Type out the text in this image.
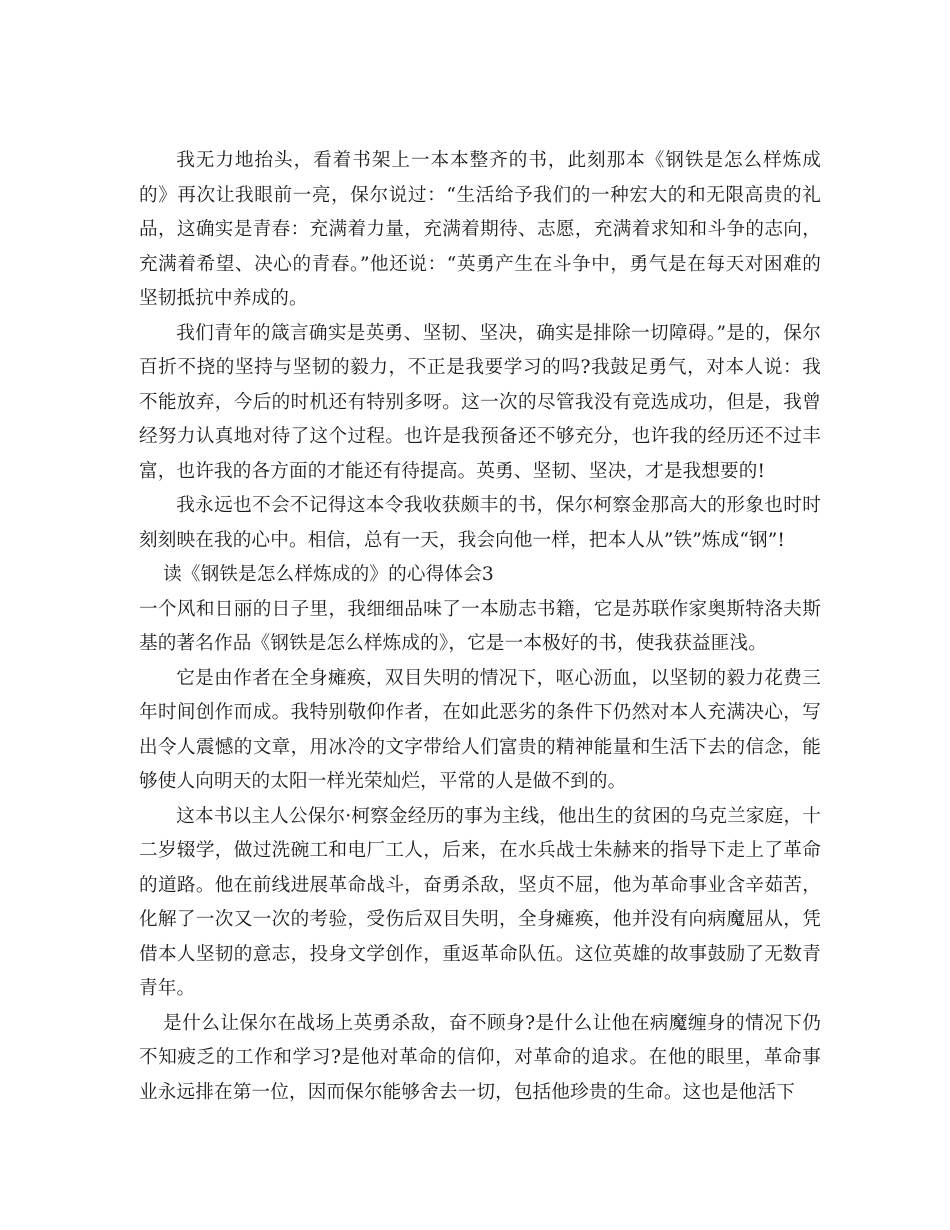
我无力地抬头，看着书架上一本本整齐的书，此刻那本《钢铁是怎么样炼成的》再次让我眼前一亮，保尔说过：“生活给予我们的一种宏大的和无限高贵的礼品，这确实是青春：充满着力量，充满着期待、志愿，充满着求知和斗争的志向，充满着希望、决心的青春。”他还说：“英勇产生在斗争中，勇气是在每天对困难的坚韧抵抗中养成的。

我们青年的箴言确实是英勇、坚韧、坚决，确实是排除一切障碍。”是的，保尔百折不挠的坚持与坚韧的毅力，不正是我要学习的吗?我鼓足勇气，对本人说：我不能放弃，今后的时机还有特别多呀。这一次的尽管我没有竞选成功，但是，我曾经努力认真地对待了这个过程。也许是我预备还不够充分，也许我的经历还不过丰富，也许我的各方面的才能还有待提高。英勇、坚韧、坚决，才是我想要的!

我永远也不会不记得这本令我收获颇丰的书，保尔柯察金那高大的形象也时时刻刻映在我的心中。相信，总有一天，我会向他一样，把本人从”铁”炼成“钢”!

读《钢铁是怎么样炼成的》的心得体会3

一个风和日丽的日子里，我细细品味了一本励志书籍，它是苏联作家奥斯特洛夫斯基的著名作品《钢铁是怎么样炼成的》，它是一本极好的书，使我获益匪浅。

它是由作者在全身瘫痪，双目失明的情况下，呕心沥血，以坚韧的毅力花费三年时间创作而成。我特别敬仰作者，在如此恶劣的条件下仍然对本人充满决心，写出令人震憾的文章，用冰冷的文字带给人们富贵的精神能量和生活下去的信念，能够使人向明天的太阳一样光荣灿烂，平常的人是做不到的。

这本书以主人公保尔·柯察金经历的事为主线，他出生的贫困的乌克兰家庭，十二岁辍学，做过洗碗工和电厂工人，后来，在水兵战士朱赫来的指导下走上了革命的道路。他在前线进展革命战斗，奋勇杀敌，坚贞不屈，他为革命事业含辛茹苦，化解了一次又一次的考验，受伤后双目失明，全身瘫痪，他并没有向病魔屈从，凭借本人坚韧的意志，投身文学创作，重返革命队伍。这位英雄的故事鼓励了无数青青年。

是什么让保尔在战场上英勇杀敌，奋不顾身?是什么让他在病魔缠身的情况下仍不知疲乏的工作和学习?是他对革命的信仰，对革命的追求。在他的眼里，革命事业永远排在第一位，因而保尔能够舍去一切，包括他珍贵的生命。这也是他活下
